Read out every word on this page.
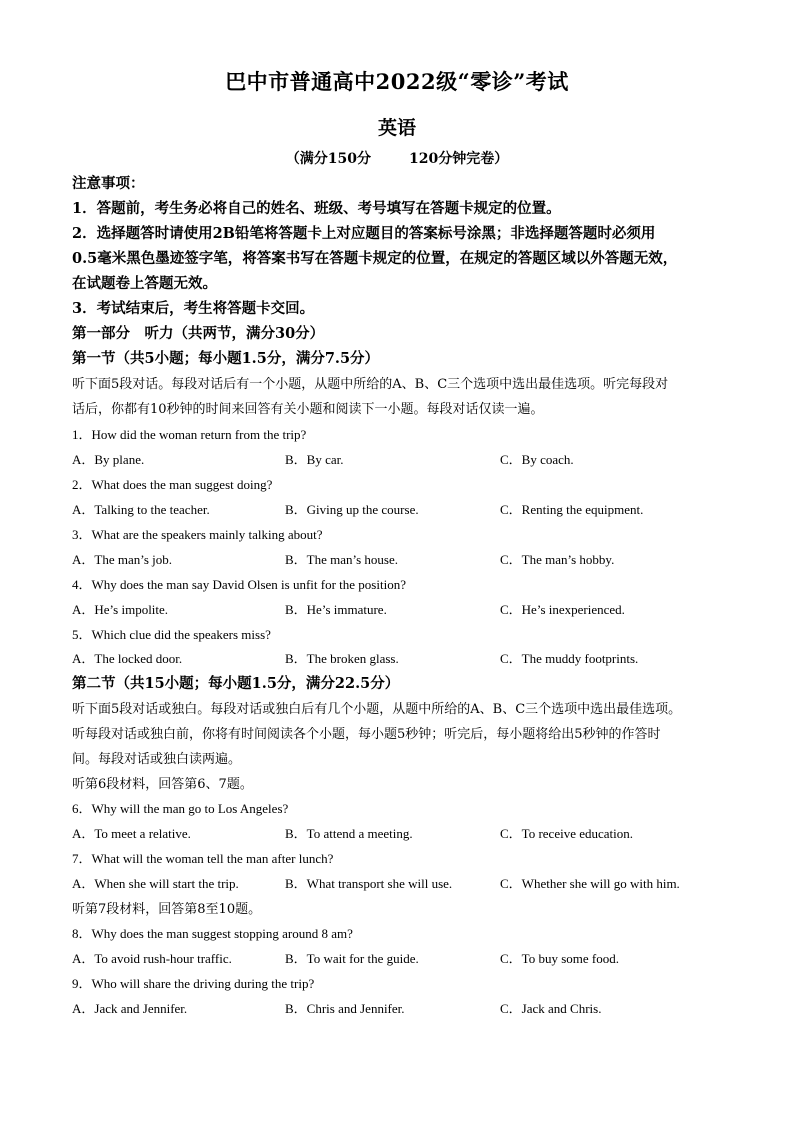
巴中市普通高中2022级“零诊”考试
英语
（满分150分	120分钟完卷）
注意事项：
1．答题前，考生务必将自己的姓名、班级、考号填写在答题卡规定的位置。
2．选择题答时请使用2B铅笔将答题卡上对应题目的答案标号涂黑；非选择题答题时必须用
0.5毫米黑色墨迹签字笔，将答案书写在答题卡规定的位置，在规定的答题区域以外答题无效，
在试题卷上答题无效。
3．考试结束后，考生将答题卡交回。
第一部分　听力（共两节，满分30分）
第一节（共5小题；每小题1.5分，满分7.5分）
听下面5段对话。每段对话后有一个小题，从题中所给的A、B、C三个选项中选出最佳选项。听完每段对
话后，你都有10秒钟的时间来回答有关小题和阅读下一小题。每段对话仅读一遍。
1．How did the woman return from the trip?
A．By plane.	B．By car.	C．By coach.
2．What does the man suggest doing?
A．Talking to the teacher.	B．Giving up the course.	C．Renting the equipment.
3．What are the speakers mainly talking about?
A．The man’s job.	B．The man’s house.	C．The man’s hobby.
4．Why does the man say David Olsen is unfit for the position?
A．He’s impolite.	B．He’s immature.	C．He’s inexperienced.
5．Which clue did the speakers miss?
A．The locked door.	B．The broken glass.	C．The muddy footprints.
第二节（共15小题；每小题1.5分，满分22.5分）
听下面5段对话或独白。每段对话或独白后有几个小题，从题中所给的A、B、C三个选项中选出最佳选项。
听每段对话或独白前，你将有时间阅读各个小题，每小题5秒钟；听完后，每小题将给出5秒钟的作答时
间。每段对话或独白读两遍。
听第6段材料，回答第6、7题。
6．Why will the man go to Los Angeles?
A．To meet a relative.	B．To attend a meeting.	C．To receive education.
7．What will the woman tell the man after lunch?
A．When she will start the trip.	B．What transport she will use.	C．Whether she will go with him.
听第7段材料，回答第8至10题。
8．Why does the man suggest stopping around 8 am?
A．To avoid rush-hour traffic.	B．To wait for the guide.	C．To buy some food.
9．Who will share the driving during the trip?
A．Jack and Jennifer.	B．Chris and Jennifer.	C．Jack and Chris.
